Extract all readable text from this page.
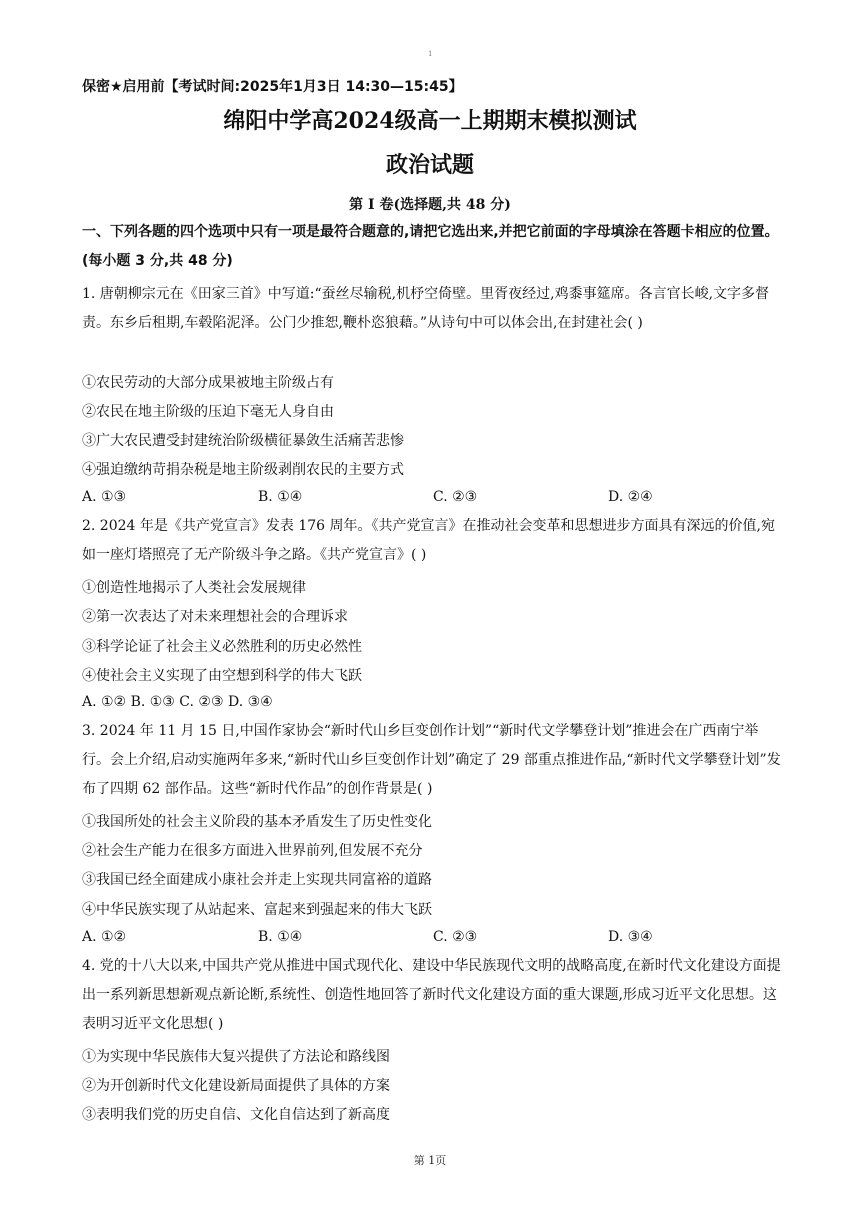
1
保密★启用前【考试时间:2025年1月3日 14:30—15:45】
绵阳中学高2024级高一上期期末模拟测试
政治试题
第 I 卷(选择题,共 48 分)
一、下列各题的四个选项中只有一项是最符合题意的,请把它选出来,并把它前面的字母填涂在答题卡相应的位置。(每小题 3 分,共 48 分)
1. 唐朝柳宗元在《田家三首》中写道:“蚕丝尽输税,机杼空倚壁。里胥夜经过,鸡黍事筵席。各言官长峻,文字多督责。东乡后租期,车毂陷泥泽。公门少推恕,鞭朴恣狼藉。”从诗句中可以体会出,在封建社会( )
①农民劳动的大部分成果被地主阶级占有
②农民在地主阶级的压迫下毫无人身自由
③广大农民遭受封建统治阶级横征暴敛生活痛苦悲惨
④强迫缴纳苛捐杂税是地主阶级剥削农民的主要方式
A. ①③	B. ①④	C. ②③	D. ②④
2. 2024 年是《共产党宣言》发表 176 周年。《共产党宣言》在推动社会变革和思想进步方面具有深远的价值,宛如一座灯塔照亮了无产阶级斗争之路。《共产党宣言》( )
①创造性地揭示了人类社会发展规律
②第一次表达了对未来理想社会的合理诉求
③科学论证了社会主义必然胜利的历史必然性
④使社会主义实现了由空想到科学的伟大飞跃
A. ①② B. ①③ C. ②③ D. ③④
3. 2024 年 11 月 15 日,中国作家协会“新时代山乡巨变创作计划”“新时代文学攀登计划”推进会在广西南宁举行。会上介绍,启动实施两年多来,“新时代山乡巨变创作计划”确定了 29 部重点推进作品,“新时代文学攀登计划”发布了四期 62 部作品。这些“新时代作品”的创作背景是( )
①我国所处的社会主义阶段的基本矛盾发生了历史性变化
②社会生产能力在很多方面进入世界前列,但发展不充分
③我国已经全面建成小康社会并走上实现共同富裕的道路
④中华民族实现了从站起来、富起来到强起来的伟大飞跃
A. ①②	B. ①④	C. ②③	D. ③④
4. 党的十八大以来,中国共产党从推进中国式现代化、建设中华民族现代文明的战略高度,在新时代文化建设方面提出一系列新思想新观点新论断,系统性、创造性地回答了新时代文化建设方面的重大课题,形成习近平文化思想。这表明习近平文化思想( )
①为实现中华民族伟大复兴提供了方法论和路线图
②为开创新时代文化建设新局面提供了具体的方案
③表明我们党的历史自信、文化自信达到了新高度
第 1页
